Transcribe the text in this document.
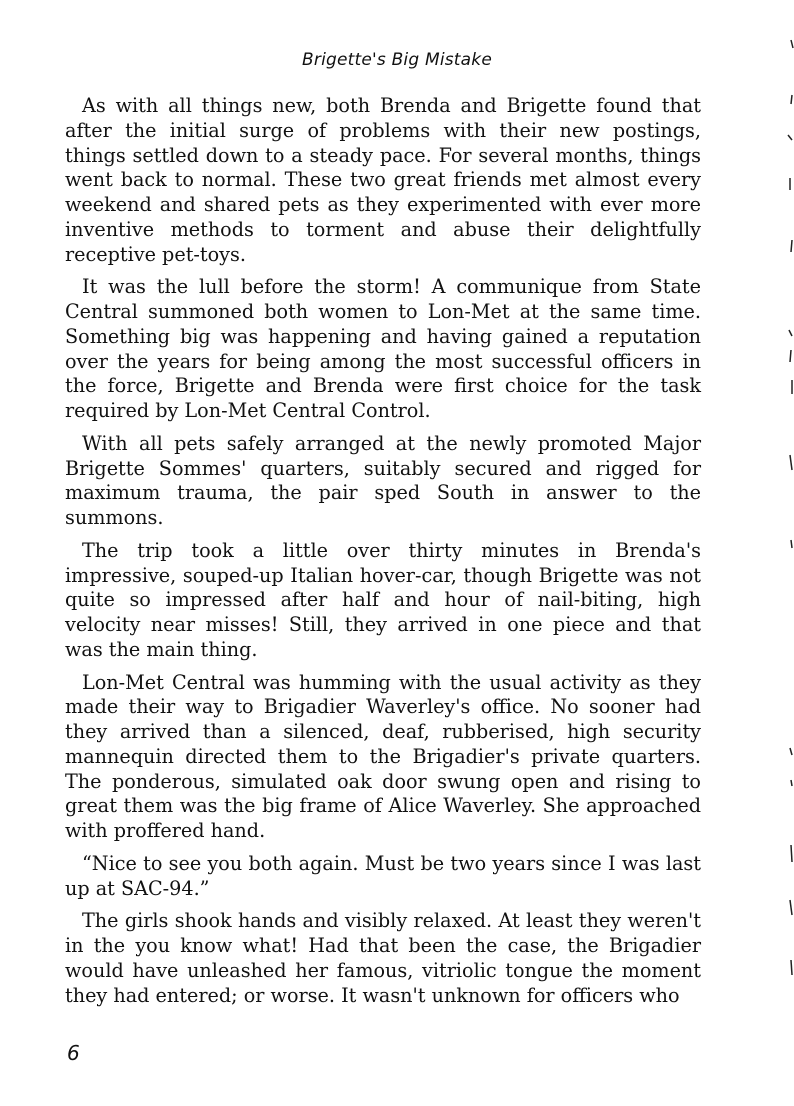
Brigette's Big Mistake

As with all things new, both Brenda and Brigette found that after the initial surge of problems with their new postings, things settled down to a steady pace. For several months, things went back to normal. These two great friends met almost every weekend and shared pets as they experimented with ever more inventive methods to torment and abuse their delightfully receptive pet-toys.

It was the lull before the storm! A communique from State Central summoned both women to Lon-Met at the same time. Something big was happening and having gained a reputation over the years for being among the most successful officers in the force, Brigette and Brenda were first choice for the task required by Lon-Met Central Control.

With all pets safely arranged at the newly promoted Major Brigette Sommes' quarters, suitably secured and rigged for maximum trauma, the pair sped South in answer to the summons.

The trip took a little over thirty minutes in Brenda's impressive, souped-up Italian hover-car, though Brigette was not quite so impressed after half and hour of nail-biting, high velocity near misses! Still, they arrived in one piece and that was the main thing.

Lon-Met Central was humming with the usual activity as they made their way to Brigadier Waverley's office. No sooner had they arrived than a silenced, deaf, rubberised, high security mannequin directed them to the Brigadier's private quarters. The ponderous, simulated oak door swung open and rising to great them was the big frame of Alice Waverley. She approached with proffered hand.

“Nice to see you both again. Must be two years since I was last up at SAC-94.”

The girls shook hands and visibly relaxed. At least they weren't in the you know what! Had that been the case, the Brigadier would have unleashed her famous, vitriolic tongue the moment they had entered; or worse. It wasn't unknown for officers who

6
